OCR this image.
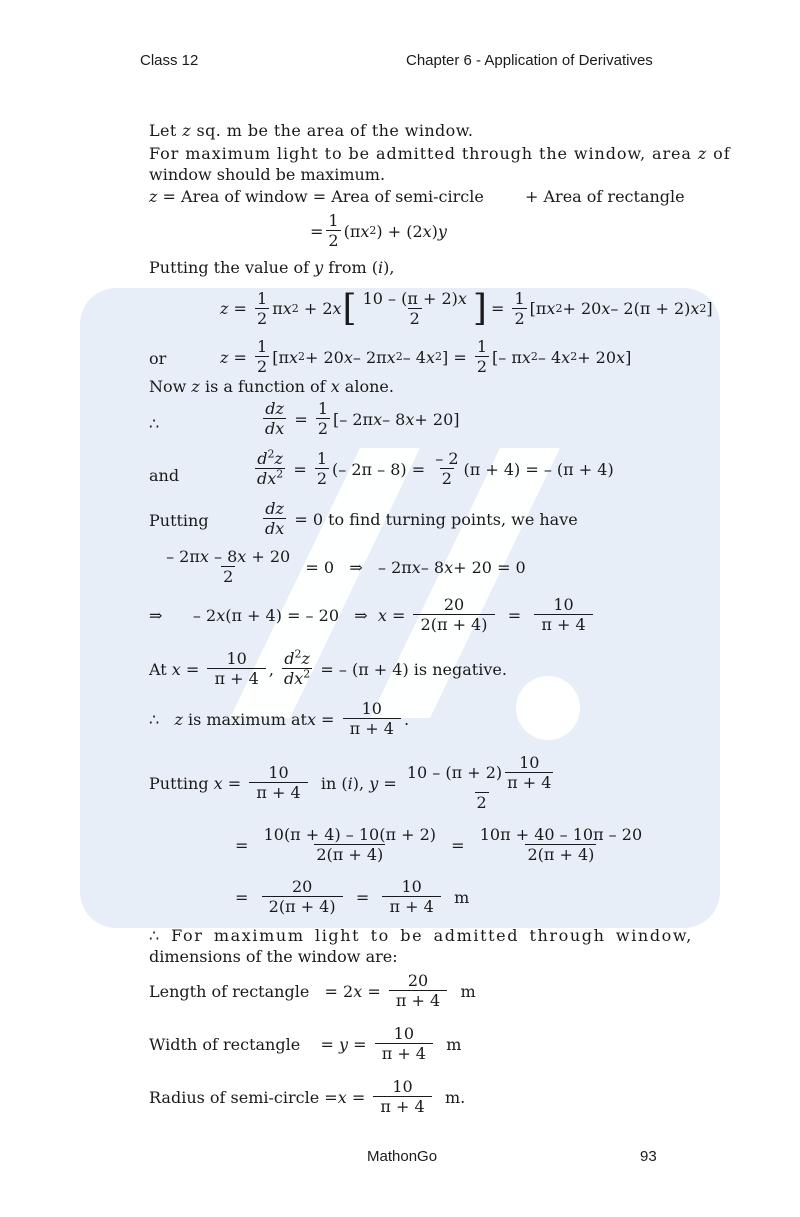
Class 12	Chapter 6 - Application of Derivatives
Let z sq. m be the area of the window.
For maximum light to be admitted through the window, area z of
window should be maximum.
z = Area of window = Area of semi-circle	+ Area of rectangle
= $\frac{1}{2} (\pi$ x 2 ) + (2 x ) y
Putting the value of y from (i),
$z = \frac{1}{2}$ π x 2 + 2 x [ $\frac{10 - (\pi + 2)x}{2}$ ] = $\frac{1}{2} [\pi$ x 2 + 20 x – 2(π + 2) x 2 ]
or	$z = \frac{1}{2} [\pi$ x 2 + 20 x – 2π x 2 – 4 x 2 ] = $\frac{1}{2}$ [– π x 2 – 4 x 2 + 20 x ]
Now z is a function of x alone.
∴	$\frac{dz}{dx} = \frac{1}{2}$ [– 2π x – 8 x + 20]
and	$\frac{d^2z}{dx^2} = \frac{1}{2}$ (– $2\pi - 8) = \frac{- 2}{2} (\pi + 4)$ = – (π + 4)
Putting	$\frac{dz}{dx}$
= 0 to find turning points, we have
$\frac{- 2\pi x - 8x + 20}{2} = 0$   ⇒   – 2π x – 8 x + 20 = 0
⇒      – 2 x (π + 4) = – 20   ⇒ $x = \frac{20}{2(\pi + 4)} = \frac{10}{\pi + 4}$
At $x = \frac{10}{\pi + 4}$ , $\frac{d^2z}{dx^2}$
= – (π + 4) is negative.
∴ z is maximum at $x = \frac{10}{\pi + 4}$ .
Putting $x = \frac{10}{\pi + 4}$ in ( i ), $y = \frac{10 - (\pi + 2) \frac{10}{\pi + 4}}{2}$
= $\frac{10(\pi + 4) - 10(\pi + 2)}{2(\pi + 4)} = \frac{10\pi + 40 - 10\pi - 20}{2(\pi + 4)}$
= $\frac{20}{2(\pi + 4)} = \frac{10}{\pi + 4}$
m
∴ For maximum light to be admitted through window,
dimensions of the window are:
Length of rectangle = 2 $x = \frac{20}{\pi + 4}$
m
Width of rectangle = $y = \frac{10}{\pi + 4}$
m
Radius of semi-circle = $x = \frac{10}{\pi + 4}$
m.
MathonGo	93
